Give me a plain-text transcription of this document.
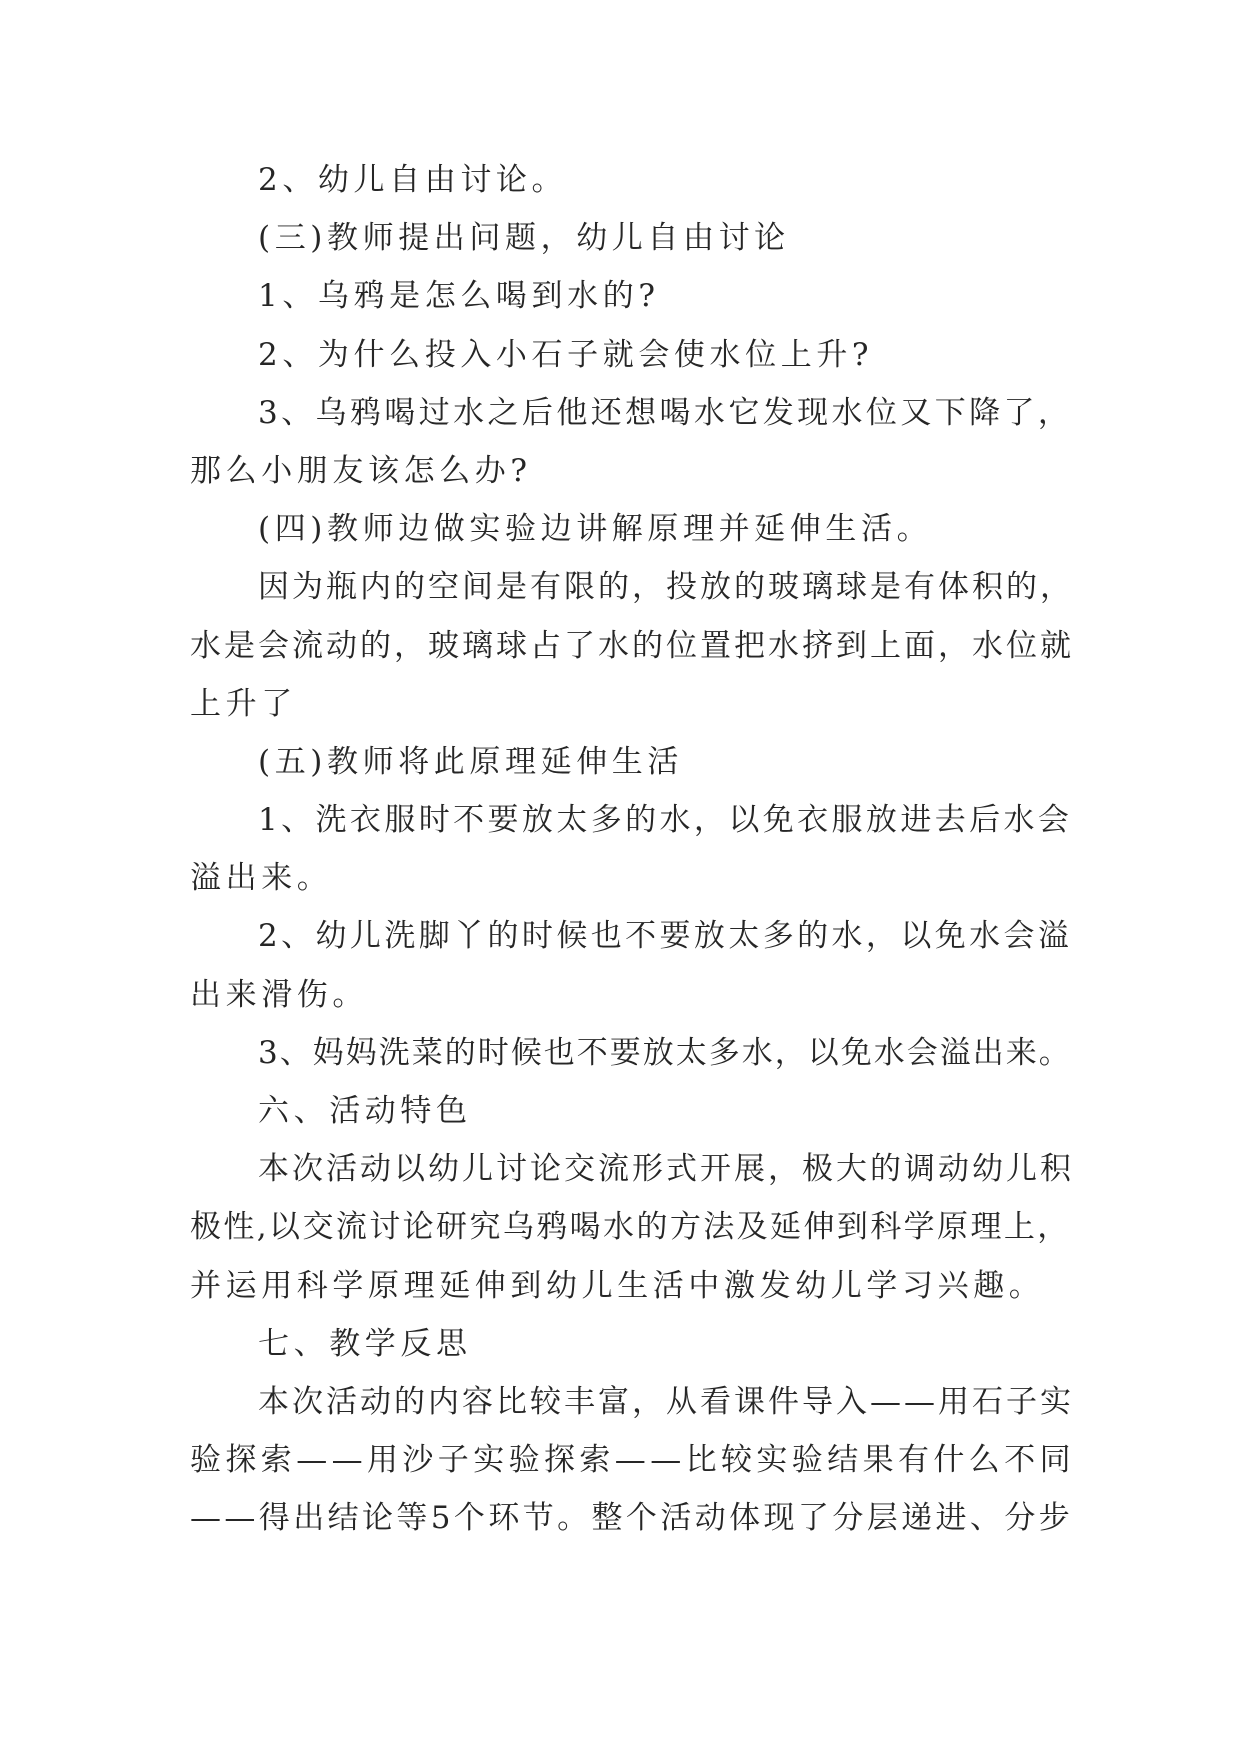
2、幼儿自由讨论。
(三)教师提出问题，幼儿自由讨论
1、乌鸦是怎么喝到水的?
2、为什么投入小石子就会使水位上升?
3、乌鸦喝过水之后他还想喝水它发现水位又下降了，
那么小朋友该怎么办?
(四)教师边做实验边讲解原理并延伸生活。
因为瓶内的空间是有限的，投放的玻璃球是有体积的，
水是会流动的，玻璃球占了水的位置把水挤到上面，水位就
上升了
(五)教师将此原理延伸生活
1、洗衣服时不要放太多的水，以免衣服放进去后水会
溢出来。
2、幼儿洗脚丫的时候也不要放太多的水，以免水会溢
出来滑伤。
3、妈妈洗菜的时候也不要放太多水，以免水会溢出来。
六、活动特色
本次活动以幼儿讨论交流形式开展，极大的调动幼儿积
极性,以交流讨论研究乌鸦喝水的方法及延伸到科学原理上，
并运用科学原理延伸到幼儿生活中激发幼儿学习兴趣。
七、教学反思
本次活动的内容比较丰富，从看课件导入——用石子实
验探索——用沙子实验探索——比较实验结果有什么不同
——得出结论等5个环节。整个活动体现了分层递进、分步
